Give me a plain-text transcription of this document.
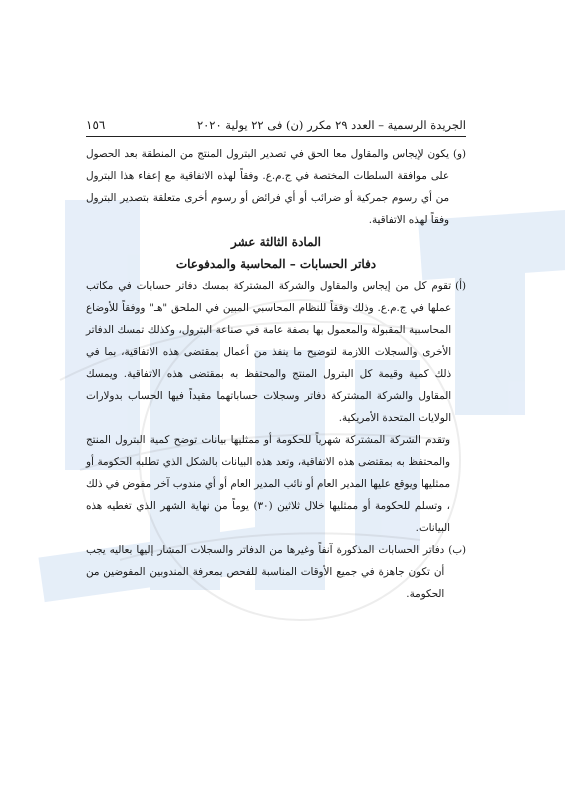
الجريدة الرسمية – العدد ٢٩ مكرر (ن) فى ٢٢ يولية ٢٠٢٠
١٥٦
(و)

يكون لإيجاس والمقاول معا الحق في تصدير البترول المنتج من المنطقة بعد الحصول على موافقة السلطات المختصة في ج.م.ع. وفقاً لهذه الاتفاقية مع إعفاء هذا البترول من أي رسوم جمركية أو ضرائب أو أي فرائض أو رسوم أخرى متعلقة بتصدير البترول وفقاً لهذه الاتفاقية.

المادة الثالثة عشر

دفاتر الحسابات – المحاسبة والمدفوعات

(أ)

تقوم كل من إيجاس والمقاول والشركة المشتركة بمسك دفاتر حسابات في مكاتب عملها في ج.م.ع. وذلك وفقاً للنظام المحاسبي المبين في الملحق "هـ" ووفقاً للأوضاع المحاسبية المقبولة والمعمول بها بصفة عامة في صناعة البترول، وكذلك تمسك الدفاتر الأخرى والسجلات اللازمة لتوضيح ما ينفذ من أعمال بمقتضى هذه الاتفاقية، بما في ذلك كمية وقيمة كل البترول المنتج والمحتفظ به بمقتضى هذه الاتفاقية. ويمسك المقاول والشركة المشتركة دفاتر وسجلات حساباتهما مقيداً فيها الحساب بدولارات الولايات المتحدة الأمريكية.

وتقدم الشركة المشتركة شهرياً للحكومة أو ممثليها بيانات توضح كمية البترول المنتج والمحتفظ به بمقتضى هذه الاتفاقية، وتعد هذه البيانات بالشكل الذي تطلبه الحكومة أو ممثليها ويوقع عليها المدير العام أو نائب المدير العام أو أي مندوب آخر مفوض في ذلك ، وتسلم للحكومة أو ممثليها خلال ثلاثين (٣٠) يوماً من نهاية الشهر الذي تغطيه هذه البيانات.

(ب)

دفاتر الحسابات المذكورة آنفاً وغيرها من الدفاتر والسجلات المشار إليها بعاليه يجب أن تكون جاهزة في جميع الأوقات المناسبة للفحص بمعرفة المندوبين المفوضين من الحكومة.
